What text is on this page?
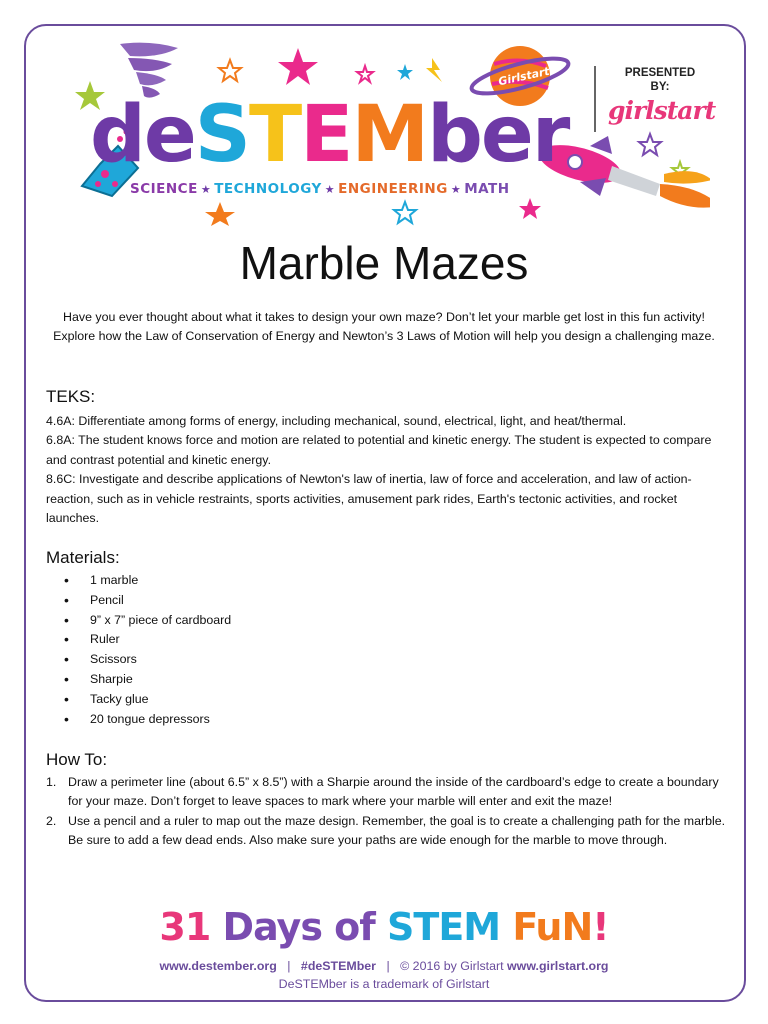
deSTEMber
SCIENCE ★ TECHNOLOGY ★ ENGINEERING ★ MATH
Girlstart	PRESENTED
BY:
girlstart
Marble Mazes
Have you ever thought about what it takes to design your own maze? Don’t let your marble get lost in this fun activity! Explore how the Law of Conservation of Energy and Newton’s 3 Laws of Motion will help you design a challenging maze.
TEKS:

4.6A: Differentiate among forms of energy, including mechanical, sound, electrical, light, and heat/thermal.

6.8A: The student knows force and motion are related to potential and kinetic energy. The student is expected to compare and contrast potential and kinetic energy.

8.6C: Investigate and describe applications of Newton's law of inertia, law of force and acceleration, and law of action-reaction, such as in vehicle restraints, sports activities, amusement park rides, Earth's tectonic activities, and rocket launches.

Materials:
• 1 marble
• Pencil
• 9” x 7” piece of cardboard
• Ruler
• Scissors
• Sharpie
• Tacky glue
• 20 tongue depressors
How To:
1. Draw a perimeter line (about 6.5” x 8.5”) with a Sharpie around the inside of the cardboard’s edge to create a boundary for your maze. Don’t forget to leave spaces to mark where your marble will enter and exit the maze!
2. Use a pencil and a ruler to map out the maze design. Remember, the goal is to create a challenging path for the marble. Be sure to add a few dead ends. Also make sure your paths are wide enough for the marble to move through.
31 Days of STEM FuN!
www.destember.org | #deSTEMber | © 2016 by Girlstart www.girlstart.org
DeSTEMber is a trademark of Girlstart
